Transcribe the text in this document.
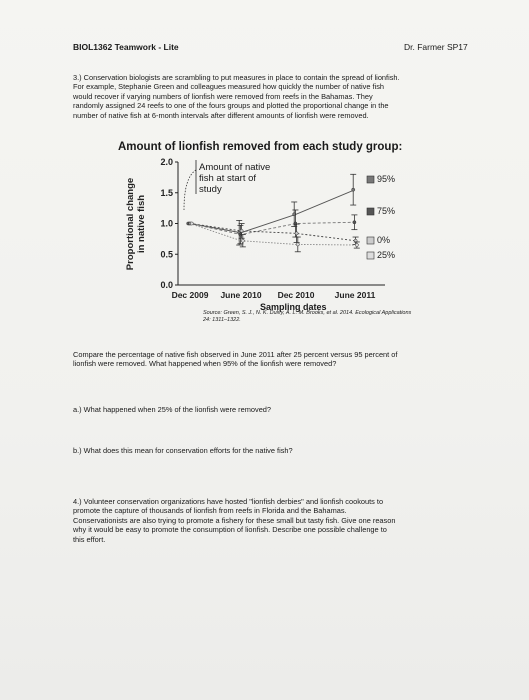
BIOL1362 Teamwork - Lite	Dr. Farmer SP17
3.) Conservation biologists are scrambling to put measures in place to contain the spread of lionfish.
For example, Stephanie Green and colleagues measured how quickly the number of native fish
would recover if varying numbers of lionfish were removed from reefs in the Bahamas. They
randomly assigned 24 reefs to one of the fours groups and plotted the proportional change in the
number of native fish at 6-month intervals after different amounts of lionfish were removed.
Amount of lionfish removed from each study group:
0.0
0.5
1.0
1.5
2.0
Dec 2009 June 2010 Dec 2010 June 2011
Proportional change in native fish
95%
75%
0%
25%
Amount of native
fish at start of
study
Sampling dates
Source: Green, S. J., N. K. Dulvy, A. L. M. Brooks, et al. 2014. Ecological Applications
24: 1311–1322.
Compare the percentage of native fish observed in June 2011 after 25 percent versus 95 percent of
lionfish were removed. What happened when 95% of the lionfish were removed?
a.) What happened when 25% of the lionfish were removed?
b.) What does this mean for conservation efforts for the native fish?
4.) Volunteer conservation organizations have hosted "lionfish derbies" and lionfish cookouts to
promote the capture of thousands of lionfish from reefs in Florida and the Bahamas.
Conservationists are also trying to promote a fishery for these small but tasty fish. Give one reason
why it would be easy to promote the consumption of lionfish. Describe one possible challenge to
this effort.
